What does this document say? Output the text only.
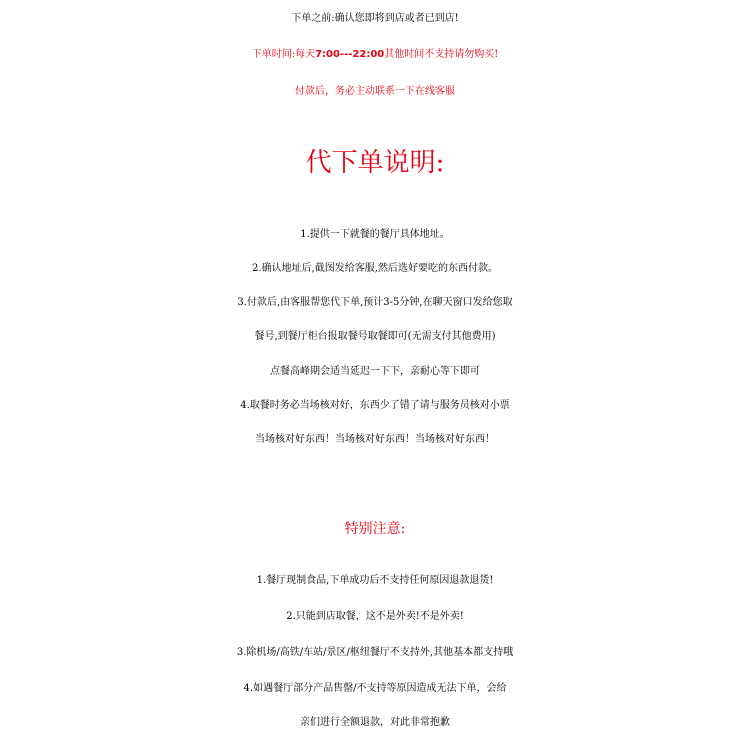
下单之前:确认您即将到店或者已到店!
下单时间:每天7:00---22:00其他时间不支持请勿购买!
付款后，务必主动联系一下在线客服
代下单说明:
1.提供一下就餐的餐厅具体地址。
2.确认地址后,截图发给客服,然后选好要吃的东西付款。
3.付款后,由客服帮您代下单,预计3-5分钟,在聊天窗口发给您取
餐号,到餐厅柜台报取餐号取餐即可(无需支付其他费用)
点餐高峰期会适当延迟一下下，亲耐心等下即可
4.取餐时务必当场核对好，东西少了错了请与服务员核对小票
当场核对好东西！当场核对好东西！当场核对好东西！
特别注意:
1.餐厅现制食品,下单成功后不支持任何原因退款退货!
2.只能到店取餐，这不是外卖!不是外卖!
3.除机场/高铁/车站/景区/枢纽餐厅不支持外,其他基本都支持哦
4.如遇餐厅部分产品售罄/不支持等原因造成无法下单，会给
亲们进行全额退款，对此非常抱歉
